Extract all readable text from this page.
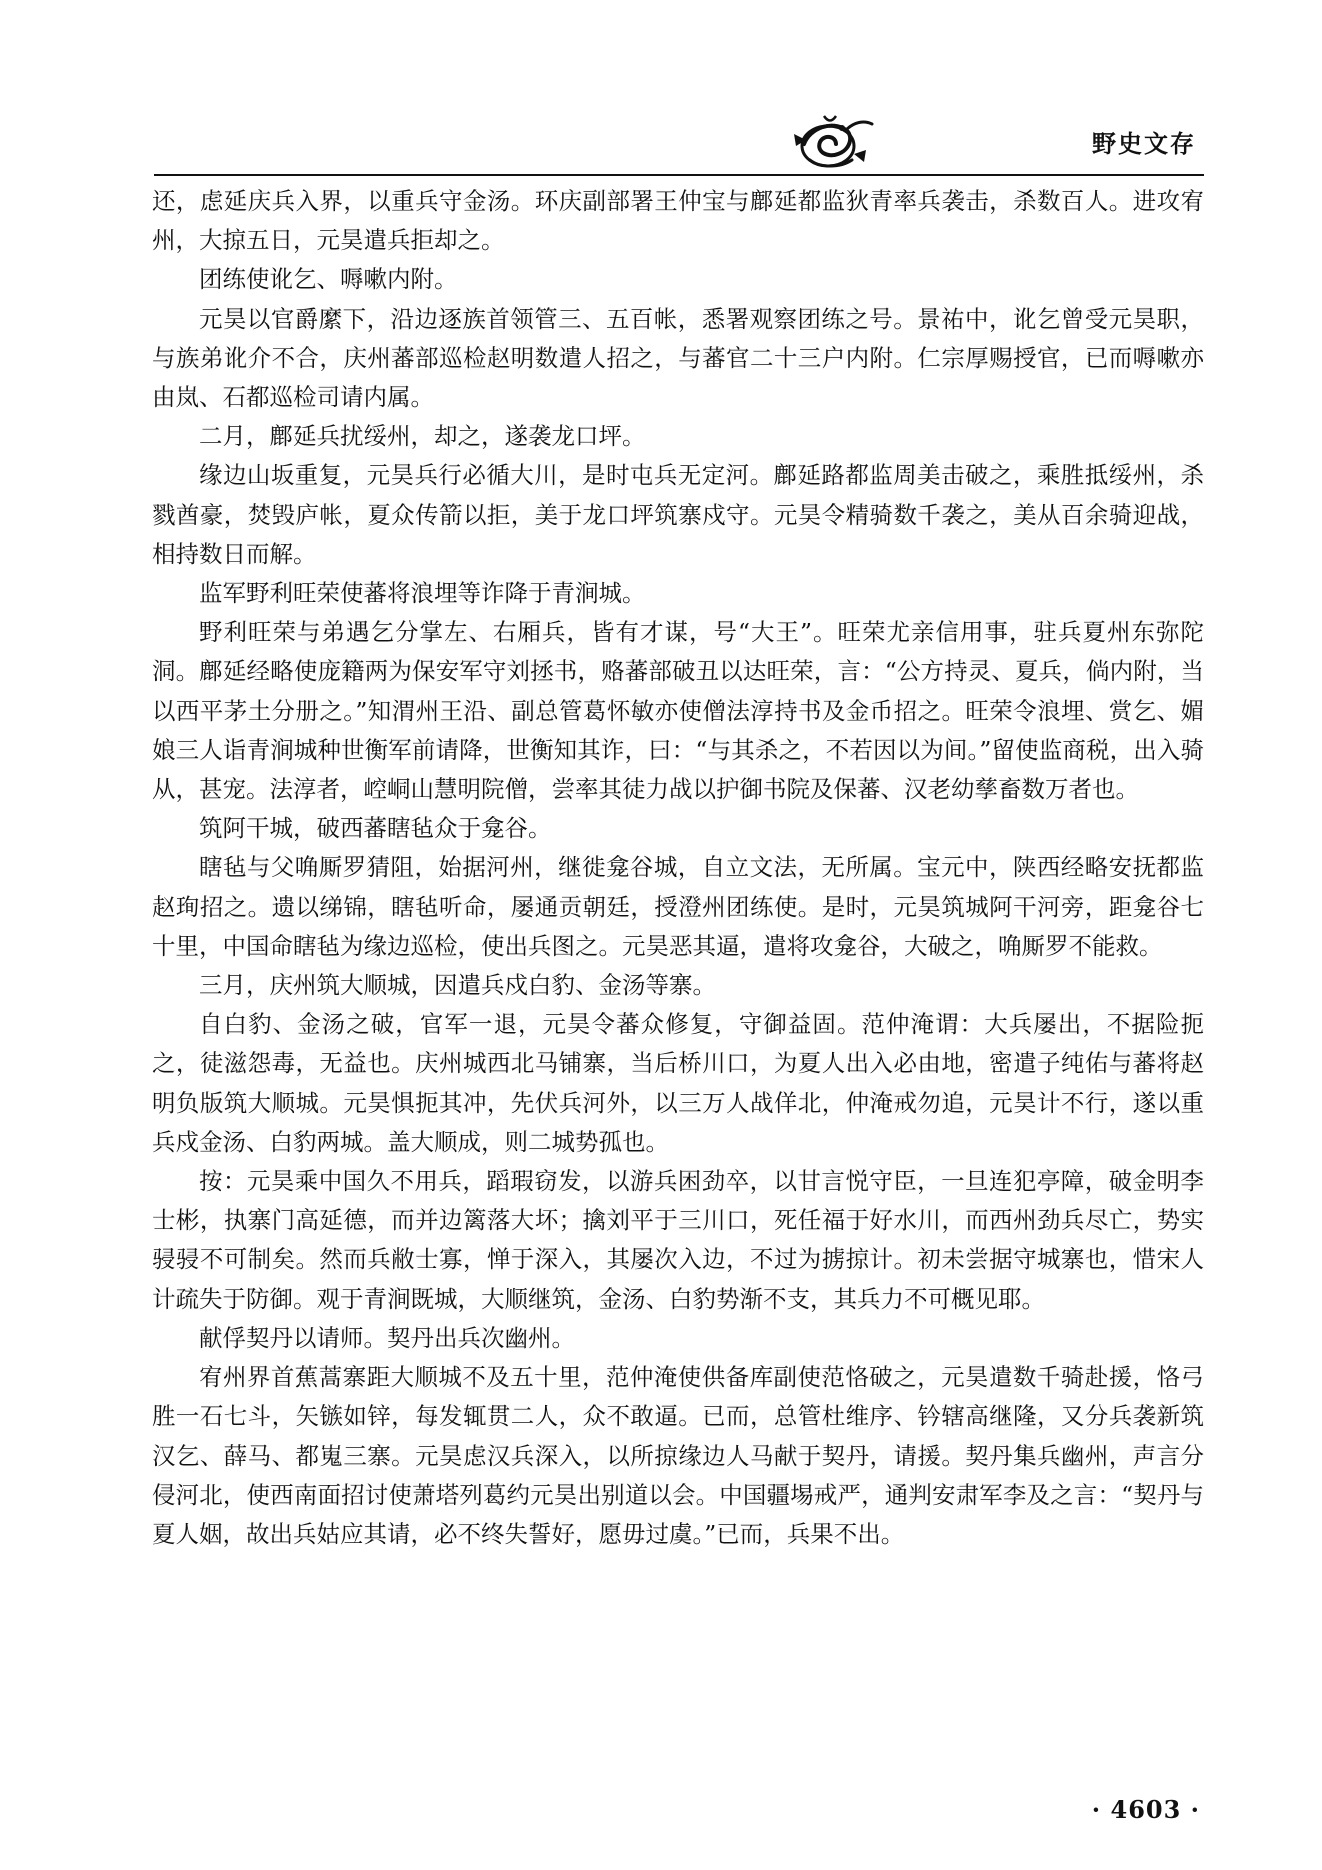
野史文存

还，虑延庆兵入界，以重兵守金汤。环庆副部署王仲宝与鄜延都监狄青率兵袭击，杀数百人。进攻宥州，大掠五日，元昊遣兵拒却之。

团练使讹乞、嗕嗽内附。

元昊以官爵縻下，沿边逐族首领管三、五百帐，悉署观察团练之号。景祐中，讹乞曾受元昊职，与族弟讹介不合，庆州蕃部巡检赵明数遣人招之，与蕃官二十三户内附。仁宗厚赐授官，已而嗕嗽亦由岚、石都巡检司请内属。

二月，鄜延兵扰绥州，却之，遂袭龙口坪。

缘边山坂重复，元昊兵行必循大川，是时屯兵无定河。鄜延路都监周美击破之，乘胜抵绥州，杀戮酋豪，焚毁庐帐，夏众传箭以拒，美于龙口坪筑寨戍守。元昊令精骑数千袭之，美从百余骑迎战，相持数日而解。

监军野利旺荣使蕃将浪埋等诈降于青涧城。

野利旺荣与弟遇乞分掌左、右厢兵，皆有才谋，号“大王”。旺荣尤亲信用事，驻兵夏州东弥陀洞。鄜延经略使庞籍两为保安军守刘拯书，赂蕃部破丑以达旺荣，言：“公方持灵、夏兵，倘内附，当以西平茅土分册之。”知渭州王沿、副总管葛怀敏亦使僧法淳持书及金币招之。旺荣令浪埋、赏乞、媚娘三人诣青涧城种世衡军前请降，世衡知其诈，曰：“与其杀之，不若因以为间。”留使监商税，出入骑从，甚宠。法淳者，崆峒山慧明院僧，尝率其徒力战以护御书院及保蕃、汉老幼孳畜数万者也。

筑阿干城，破西蕃瞎毡众于龛谷。

瞎毡与父唃厮罗猜阻，始据河州，继徙龛谷城，自立文法，无所属。宝元中，陕西经略安抚都监赵珣招之。遗以绨锦，瞎毡听命，屡通贡朝廷，授澄州团练使。是时，元昊筑城阿干河旁，距龛谷七十里，中国命瞎毡为缘边巡检，使出兵图之。元昊恶其逼，遣将攻龛谷，大破之，唃厮罗不能救。

三月，庆州筑大顺城，因遣兵戍白豹、金汤等寨。

自白豹、金汤之破，官军一退，元昊令蕃众修复，守御益固。范仲淹谓：大兵屡出，不据险扼之，徒滋怨毒，无益也。庆州城西北马铺寨，当后桥川口，为夏人出入必由地，密遣子纯佑与蕃将赵明负版筑大顺城。元昊惧扼其冲，先伏兵河外，以三万人战佯北，仲淹戒勿追，元昊计不行，遂以重兵戍金汤、白豹两城。盖大顺成，则二城势孤也。

按：元昊乘中国久不用兵，蹈瑕窃发，以游兵困劲卒，以甘言悦守臣，一旦连犯亭障，破金明李士彬，执寨门高延德，而并边篱落大坏；擒刘平于三川口，死任福于好水川，而西州劲兵尽亡，势实骎骎不可制矣。然而兵敝士寡，惮于深入，其屡次入边，不过为掳掠计。初未尝据守城寨也，惜宋人计疏失于防御。观于青涧既城，大顺继筑，金汤、白豹势渐不支，其兵力不可概见耶。

献俘契丹以请师。契丹出兵次幽州。

宥州界首蕉蒿寨距大顺城不及五十里，范仲淹使供备库副使范恪破之，元昊遣数千骑赴援，恪弓胜一石七斗，矢镞如锌，每发辄贯二人，众不敢逼。已而，总管杜维序、钤辖高继隆，又分兵袭新筑汉乞、薛马、都嵬三寨。元昊虑汉兵深入，以所掠缘边人马献于契丹，请援。契丹集兵幽州，声言分侵河北，使西南面招讨使萧塔列葛约元昊出别道以会。中国疆埸戒严，通判安肃军李及之言：“契丹与夏人姻，故出兵姑应其请，必不终失誓好，愿毋过虞。”已而，兵果不出。

· 4603 ·
